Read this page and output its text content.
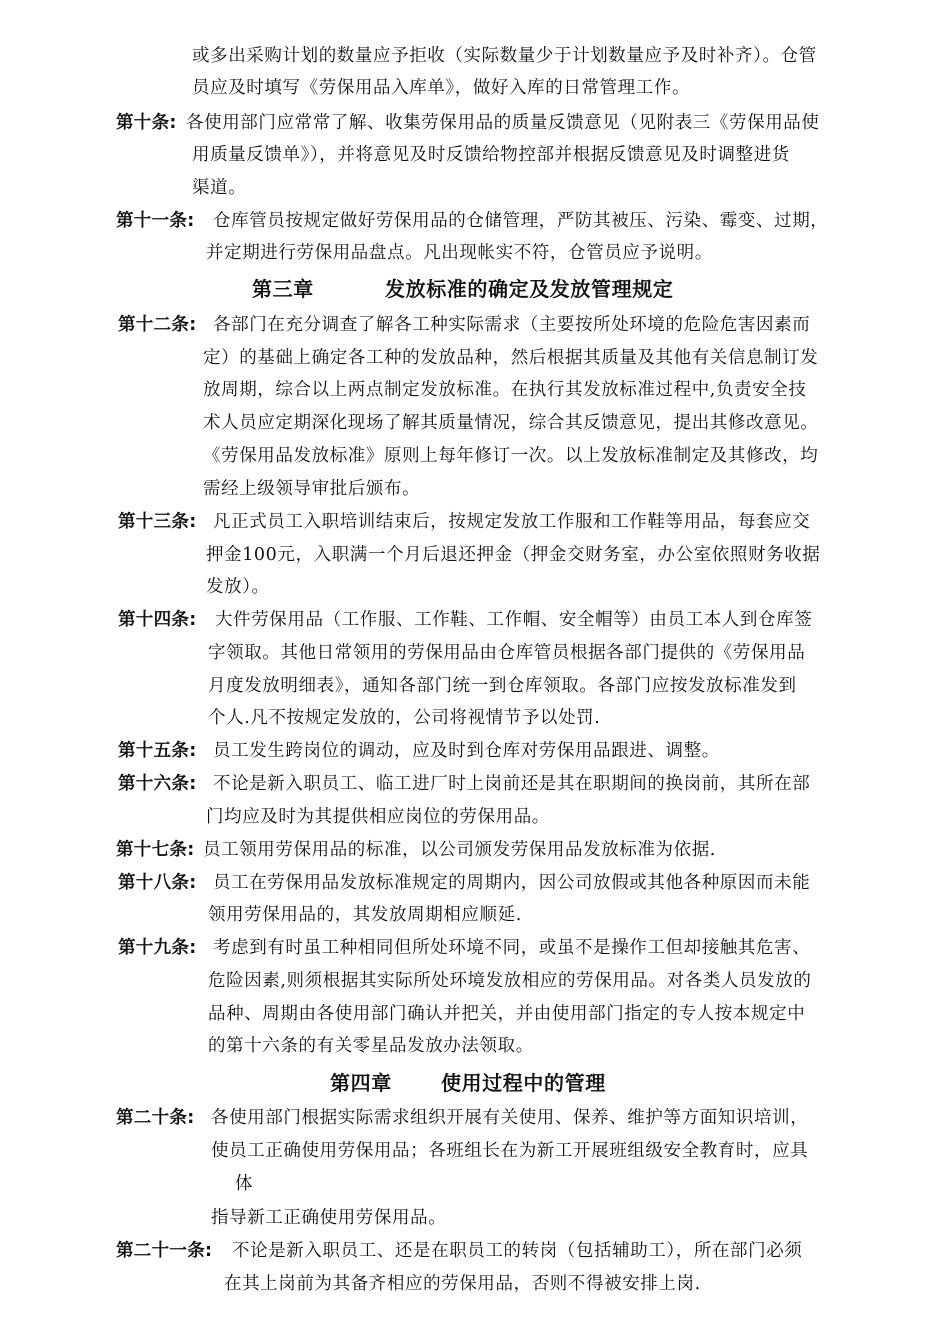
或多出采购计划的数量应予拒收（实际数量少于计划数量应予及时补齐）。仓管
员应及时填写《劳保用品入库单》，做好入库的日常管理工作。
第十条: 各使用部门应常常了解、收集劳保用品的质量反馈意见（见附表三《劳保用品使
用质量反馈单》），并将意见及时反馈给物控部并根据反馈意见及时调整进货
渠道。
第十一条: 仓库管员按规定做好劳保用品的仓储管理，严防其被压、污染、霉变、过期，
并定期进行劳保用品盘点。凡出现帐实不符，仓管员应予说明。
第三章	发放标准的确定及发放管理规定
第十二条: 各部门在充分调查了解各工种实际需求（主要按所处环境的危险危害因素而
定）的基础上确定各工种的发放品种，然后根据其质量及其他有关信息制订发
放周期，综合以上两点制定发放标准。在执行其发放标准过程中,负责安全技
术人员应定期深化现场了解其质量情况，综合其反馈意见，提出其修改意见。
《劳保用品发放标准》原则上每年修订一次。以上发放标准制定及其修改，均
需经上级领导审批后颁布。
第十三条: 凡正式员工入职培训结束后，按规定发放工作服和工作鞋等用品，每套应交
押金100元，入职满一个月后退还押金（押金交财务室，办公室依照财务收据
发放）。
第十四条: 大件劳保用品（工作服、工作鞋、工作帽、安全帽等）由员工本人到仓库签
字领取。其他日常领用的劳保用品由仓库管员根据各部门提供的《劳保用品
月度发放明细表》，通知各部门统一到仓库领取。各部门应按发放标准发到
个人.凡不按规定发放的，公司将视情节予以处罚.
第十五条: 员工发生跨岗位的调动，应及时到仓库对劳保用品跟进、调整。
第十六条: 不论是新入职员工、临工进厂时上岗前还是其在职期间的换岗前，其所在部
门均应及时为其提供相应岗位的劳保用品。
第十七条: 员工领用劳保用品的标准，以公司颁发劳保用品发放标准为依据.
第十八条: 员工在劳保用品发放标准规定的周期内，因公司放假或其他各种原因而未能
领用劳保用品的，其发放周期相应顺延.
第十九条: 考虑到有时虽工种相同但所处环境不同，或虽不是操作工但却接触其危害、
危险因素,则须根据其实际所处环境发放相应的劳保用品。对各类人员发放的
品种、周期由各使用部门确认并把关，并由使用部门指定的专人按本规定中
的第十六条的有关零星品发放办法领取。
第四章 使用过程中的管理
第二十条: 各使用部门根据实际需求组织开展有关使用、保养、维护等方面知识培训，
使员工正确使用劳保用品；各班组长在为新工开展班组级安全教育时，应具
体
指导新工正确使用劳保用品。
第二十一条: 不论是新入职员工、还是在职员工的转岗（包括辅助工），所在部门必须
在其上岗前为其备齐相应的劳保用品，否则不得被安排上岗.
